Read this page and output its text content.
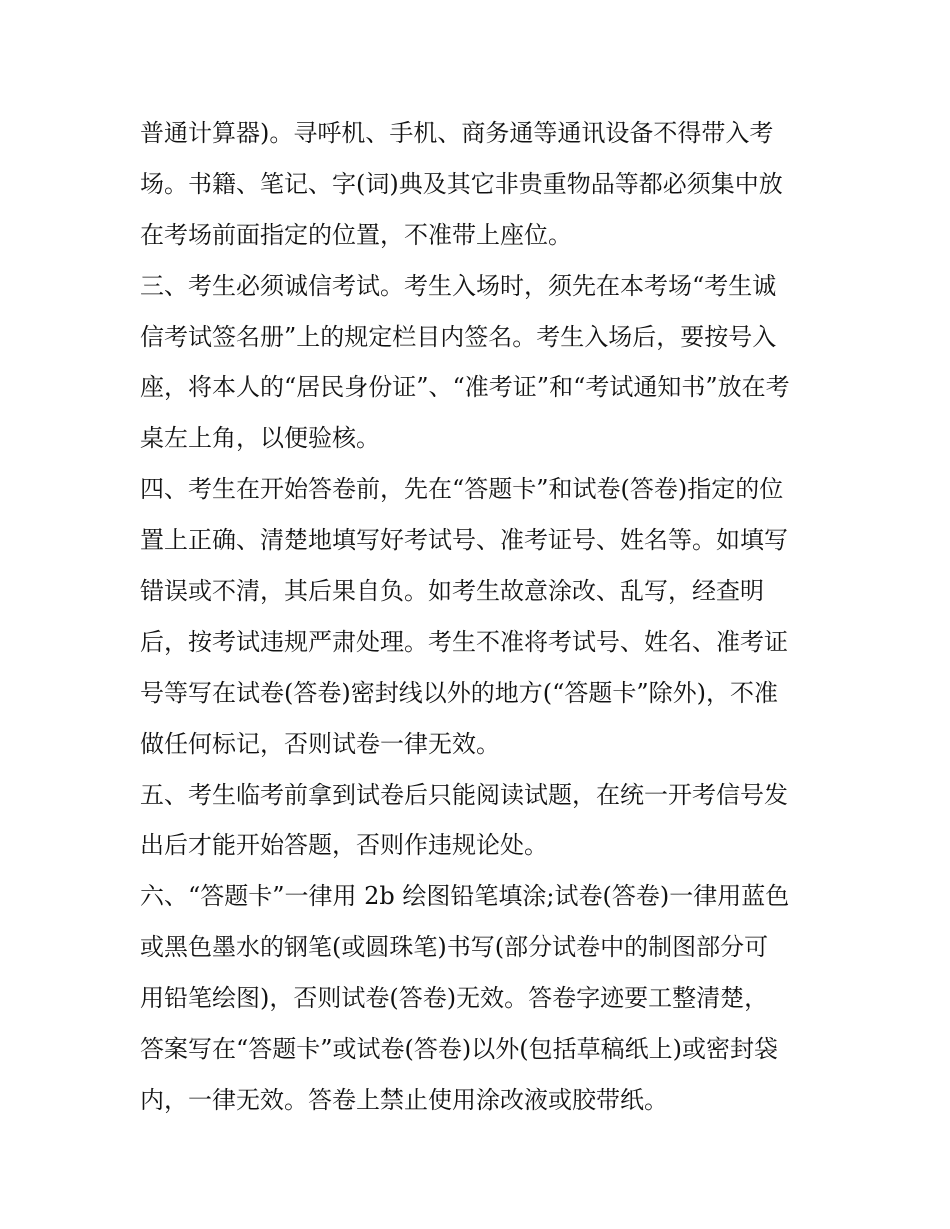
普通计算器)。寻呼机、手机、商务通等通讯设备不得带入考
场。书籍、笔记、字(词)典及其它非贵重物品等都必须集中放
在考场前面指定的位置，不准带上座位。
三、考生必须诚信考试。考生入场时，须先在本考场“考生诚
信考试签名册”上的规定栏目内签名。考生入场后，要按号入
座，将本人的“居民身份证”、“准考证”和“考试通知书”放在考
桌左上角，以便验核。
四、考生在开始答卷前，先在“答题卡”和试卷(答卷)指定的位
置上正确、清楚地填写好考试号、准考证号、姓名等。如填写
错误或不清，其后果自负。如考生故意涂改、乱写，经查明
后，按考试违规严肃处理。考生不准将考试号、姓名、准考证
号等写在试卷(答卷)密封线以外的地方(“答题卡”除外)，不准
做任何标记，否则试卷一律无效。
五、考生临考前拿到试卷后只能阅读试题，在统一开考信号发
出后才能开始答题，否则作违规论处。
六、“答题卡”一律用 2b 绘图铅笔填涂;试卷(答卷)一律用蓝色
或黑色墨水的钢笔(或圆珠笔)书写(部分试卷中的制图部分可
用铅笔绘图)，否则试卷(答卷)无效。答卷字迹要工整清楚，
答案写在“答题卡”或试卷(答卷)以外(包括草稿纸上)或密封袋
内，一律无效。答卷上禁止使用涂改液或胶带纸。
